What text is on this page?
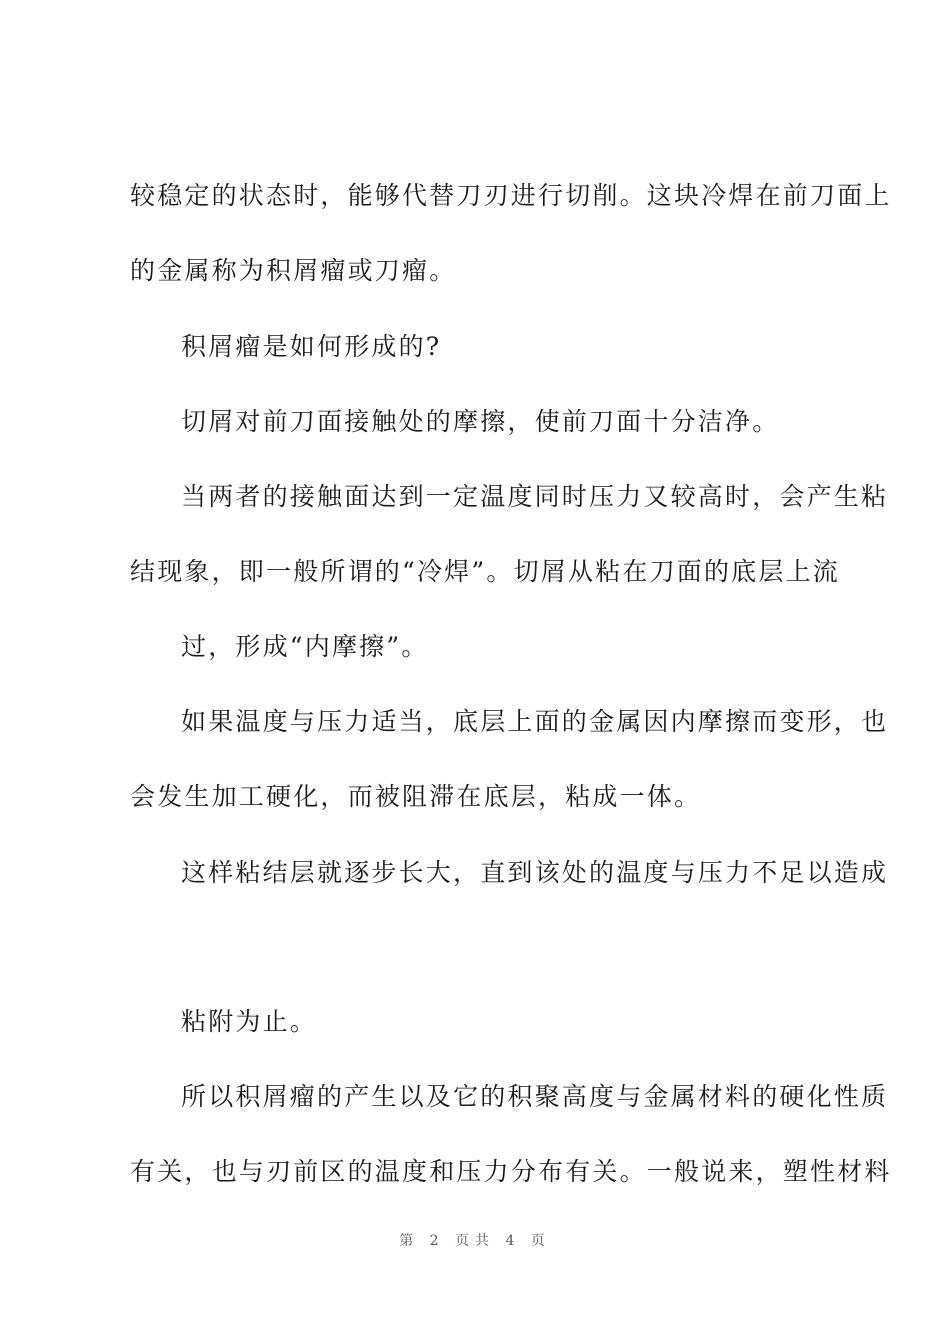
较稳定的状态时，能够代替刀刃进行切削。这块冷焊在前刀面上
的金属称为积屑瘤或刀瘤。
积屑瘤是如何形成的?
切屑对前刀面接触处的摩擦，使前刀面十分洁净。
当两者的接触面达到一定温度同时压力又较高时，会产生粘
结现象，即一般所谓的“冷焊”。切屑从粘在刀面的底层上流
过，形成“内摩擦”。
如果温度与压力适当，底层上面的金属因内摩擦而变形，也
会发生加工硬化，而被阻滞在底层，粘成一体。
这样粘结层就逐步长大，直到该处的温度与压力不足以造成
粘附为止。
所以积屑瘤的产生以及它的积聚高度与金属材料的硬化性质
有关，也与刃前区的温度和压力分布有关。一般说来，塑性材料
第 2 页共 4 页
